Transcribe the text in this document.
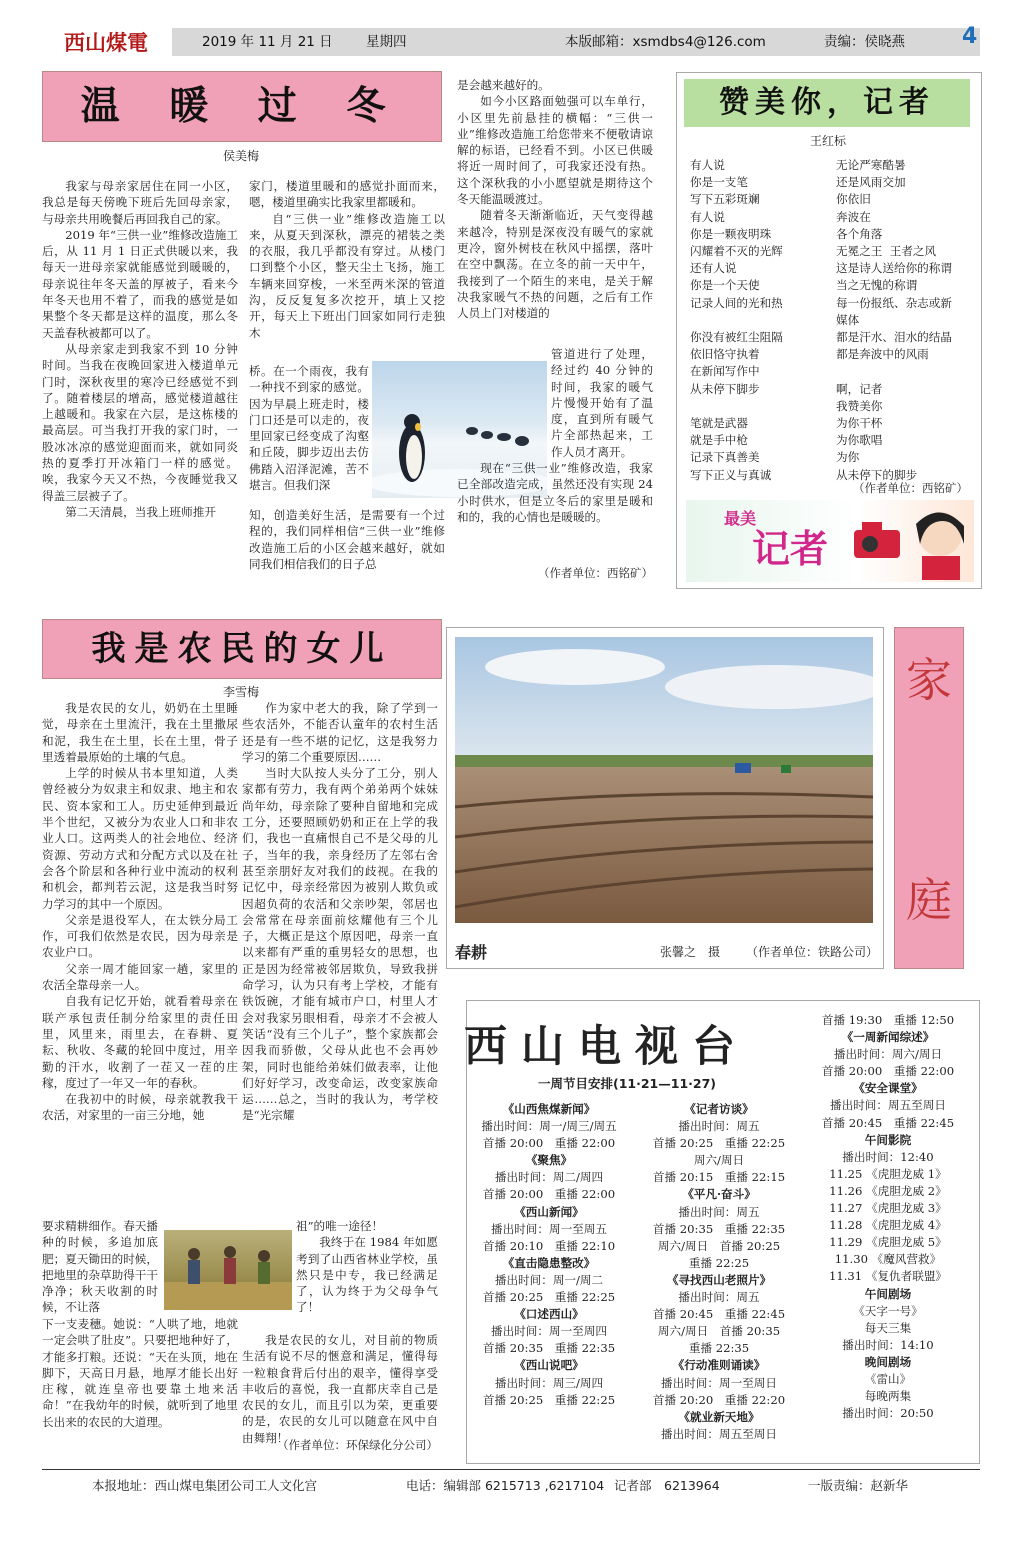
西山煤電	2019 年 11 月 21 日 星期四	本版邮箱：xsmdbs4@126.com	责编：侯晓燕	4
温 暖 过 冬
侯美梅

我家与母亲家居住在同一小区，我总是每天傍晚下班后先回母亲家，与母亲共用晚餐后再回我自己的家。

2019 年“三供一业”维修改造施工后，从 11 月 1 日正式供暖以来，我每天一进母亲家就能感觉到暖暖的，母亲说往年冬天盖的厚被子，看来今年冬天也用不着了，而我的感觉是如果整个冬天都是这样的温度，那么冬天盖春秋被都可以了。

从母亲家走到我家不到 10 分钟时间。当我在夜晚回家进入楼道单元门时，深秋夜里的寒冷已经感觉不到了。随着楼层的增高，感觉楼道越往上越暖和。我家在六层，是这栋楼的最高层。可当我打开我的家门时，一股冰冰凉的感觉迎面而来，就如同炎热的夏季打开冰箱门一样的感觉。唉，我家今天又不热，今夜睡觉我又得盖三层被子了。

第二天清晨，当我上班师推开

家门，楼道里暖和的感觉扑面而来，嗯，楼道里确实比我家里都暖和。

自“三供一业”维修改造施工以来，从夏天到深秋，漂亮的裙装之类的衣服，我几乎都没有穿过。从楼门口到整个小区，整天尘土飞扬，施工车辆来回穿梭，一米至两米深的管道沟，反反复复多次挖开，填上又挖开，每天上下班出门回家如同行走独木

桥。在一个雨夜，我有一种找不到家的感觉。因为早晨上班走时，楼门口还是可以走的，夜里回家已经变成了沟壑和丘陵，脚步迈出去仿佛踏入沼泽泥滩，苦不堪言。但我们深
知，创造美好生活，是需要有一个过程的，我们同样相信“三供一业”维修改造施工后的小区会越来越好，就如同我们相信我们的日子总

是会越来越好的。

如今小区路面勉强可以车单行，小区里先前悬挂的横幅：“三供一业”维修改造施工给您带来不便敬请谅解的标语，已经看不到。小区已供暖将近一周时间了，可我家还没有热。这个深秋我的小小愿望就是期待这个冬天能温暖渡过。

随着冬天渐渐临近，天气变得越来越冷，特别是深夜没有暖气的家就更冷，窗外树枝在秋风中摇摆，落叶在空中飘荡。在立冬的前一天中午，我接到了一个陌生的来电，是关于解决我家暖气不热的问题，之后有工作人员上门对楼道的

管道进行了处理，经过约 40 分钟的时间，我家的暖气片慢慢开始有了温度，直到所有暖气片全部热起来，工作人员才离开。

现在“三供一业”维修改造，我家已全部改造完成，虽然还没有实现 24 小时供水，但是立冬后的家里是暖和和的，我的心情也是暖暖的。

（作者单位：西铭矿）
赞美你，记者
王红标
有人说
你是一支笔
写下五彩斑斓
有人说
你是一颗夜明珠
闪耀着不灭的光辉
还有人说
你是一个天使
记录人间的光和热

你没有被红尘阻隔
依旧恪守执着
在新闻写作中
从未停下脚步

笔就是武器
就是手中枪
记录下真善美
写下正义与真诚
无论严寒酷暑
还是风雨交加
你依旧
奔波在
各个角落
无冕之王  王者之风
这是诗人送给你的称谓
当之无愧的称谓
每一份报纸、杂志或新
媒体
都是汗水、泪水的结晶
都是奔波中的风雨

啊，记者
我赞美你
为你干杯
为你歌唱
为你
从未停下的脚步
（作者单位：西铭矿）
最美
记者
我是农民的女儿
李雪梅

我是农民的女儿，奶奶在土里睡觉，母亲在土里流汗，我在土里撒尿和泥，我生在土里，长在土里，骨子里透着最原始的土壤的气息。

上学的时候从书本里知道，人类曾经被分为奴隶主和奴隶、地主和农民、资本家和工人。历史延伸到最近半个世纪，又被分为农业人口和非农业人口。这两类人的社会地位、经济资源、劳动方式和分配方式以及在社会各个阶层和各种行业中流动的权利和机会，都判若云泥，这是我当时努力学习的其中一个原因。

父亲是退役军人，在太铁分局工作，可我们依然是农民，因为母亲是农业户口。

父亲一周才能回家一趟，家里的农活全靠母亲一人。

自我有记忆开始，就看着母亲在联产承包责任制分给家里的责任田里，风里来，雨里去，在春耕、夏耘、秋收、冬藏的轮回中度过，用辛勤的汗水，收割了一茬又一茬的庄稼，度过了一年又一年的春秋。

在我初中的时候，母亲就教我干农活，对家里的一亩三分地，她

要求精耕细作。春天播种的时候，多追加底肥；夏天锄田的时候，把地里的杂草助得干干净净；秋天收割的时候，不让落
下一支麦穗。她说：“人哄了地，地就一定会哄了肚皮”。只要把地种好了，才能多打粮。还说：“天在头顶，地在脚下，天高日月悬，地厚才能长出好庄稼，就连皇帝也要靠土地来活命！”在我幼年的时候，就听到了地里长出来的农民的大道理。

作为家中老大的我，除了学到一些农活外，不能否认童年的农村生活还是有一些不堪的记忆，这是我努力学习的第二个重要原因……

当时大队按人头分了工分，别人家都有劳力，我有两个弟弟两个妹妹尚年幼，母亲除了要种自留地和完成工分，还要照顾奶奶和正在上学的我们，我也一直痛恨自己不是父母的儿子，当年的我，亲身经历了左邻右舍甚至亲朋好友对我们的歧视。在我的记忆中，母亲经常因为被别人欺负或因超负荷的农活和父亲吵架，邻居也会常常在母亲面前炫耀他有三个儿子，大概正是这个原因吧，母亲一直以来都有严重的重男轻女的思想，也正是因为经常被邻居欺负，导致我拼命学习，认为只有考上学校，才能有铁饭碗，才能有城市户口，村里人才会对我家另眼相看，母亲才不会被人笑话“没有三个儿子”，整个家族都会因我而骄傲，父母从此也不会再妙架，同时也能给弟妹们做表率，让他们好好学习，改变命运，改变家族命运……总之，当时的我认为，考学校是“光宗耀

祖”的唯一途径！

我终于在 1984 年如愿考到了山西省林业学校，虽然只是中专，我已经满足了，认为终于为父母争气了！

我是农民的女儿，对目前的物质生活有说不尽的愜意和满足，懂得每一粒粮食背后付出的艰辛，懂得享受丰收后的喜悦，我一直都庆幸自己是农民的女儿，而且引以为荣，更重要的是，农民的女儿可以随意在风中自由舞翔！

（作者单位：环保绿化分公司）
春耕	张馨之　摄 （作者单位：铁路公司）
家
庭
西山电视台
一周节目安排(11·21—11·27)
《山西焦煤新闻》
播出时间：周一/周三/周五
首播 20:00　重播 22:00
《聚焦》
播出时间：周二/周四
首播 20:00　重播 22:00
《西山新闻》
播出时间：周一至周五
首播 20:10　重播 22:10
《直击隐患整改》
播出时间：周一/周二
首播 20:25　重播 22:25
《口述西山》
播出时间：周一至周四
首播 20:35　重播 22:35
《西山说吧》
播出时间：周三/周四
首播 20:25　重播 22:25
《记者访谈》
播出时间：周五
首播 20:25　重播 22:25
周六/周日
首播 20:15　重播 22:15
《平凡·奋斗》
播出时间：周五
首播 20:35　重播 22:35
周六/周日　首播 20:25
重播 22:25
《寻找西山老照片》
播出时间：周五
首播 20:45　重播 22:45
周六/周日　首播 20:35
重播 22:35
《行动准则诵读》
播出时间：周一至周日
首播 20:20　重播 22:20
《就业新天地》
播出时间：周五至周日
首播 19:30　重播 12:50
《一周新闻综述》
播出时间：周六/周日
首播 20:00　重播 22:00
《安全课堂》
播出时间：周五至周日
首播 20:45　重播 22:45
午间影院
播出时间：12:40
11.25 《虎胆龙威 1》
11.26 《虎胆龙威 2》
11.27 《虎胆龙威 3》
11.28 《虎胆龙威 4》
11.29 《虎胆龙威 5》
11.30 《魔风营救》
11.31 《复仇者联盟》
午间剧场
《天字一号》
每天三集
播出时间：14:10
晚间剧场
《雷山》
每晚两集
播出时间：20:50
本报地址：西山煤电集团公司工人文化宫	电话：编辑部 6215713 ,6217104 记者部　6213964	一版责编：赵新华
